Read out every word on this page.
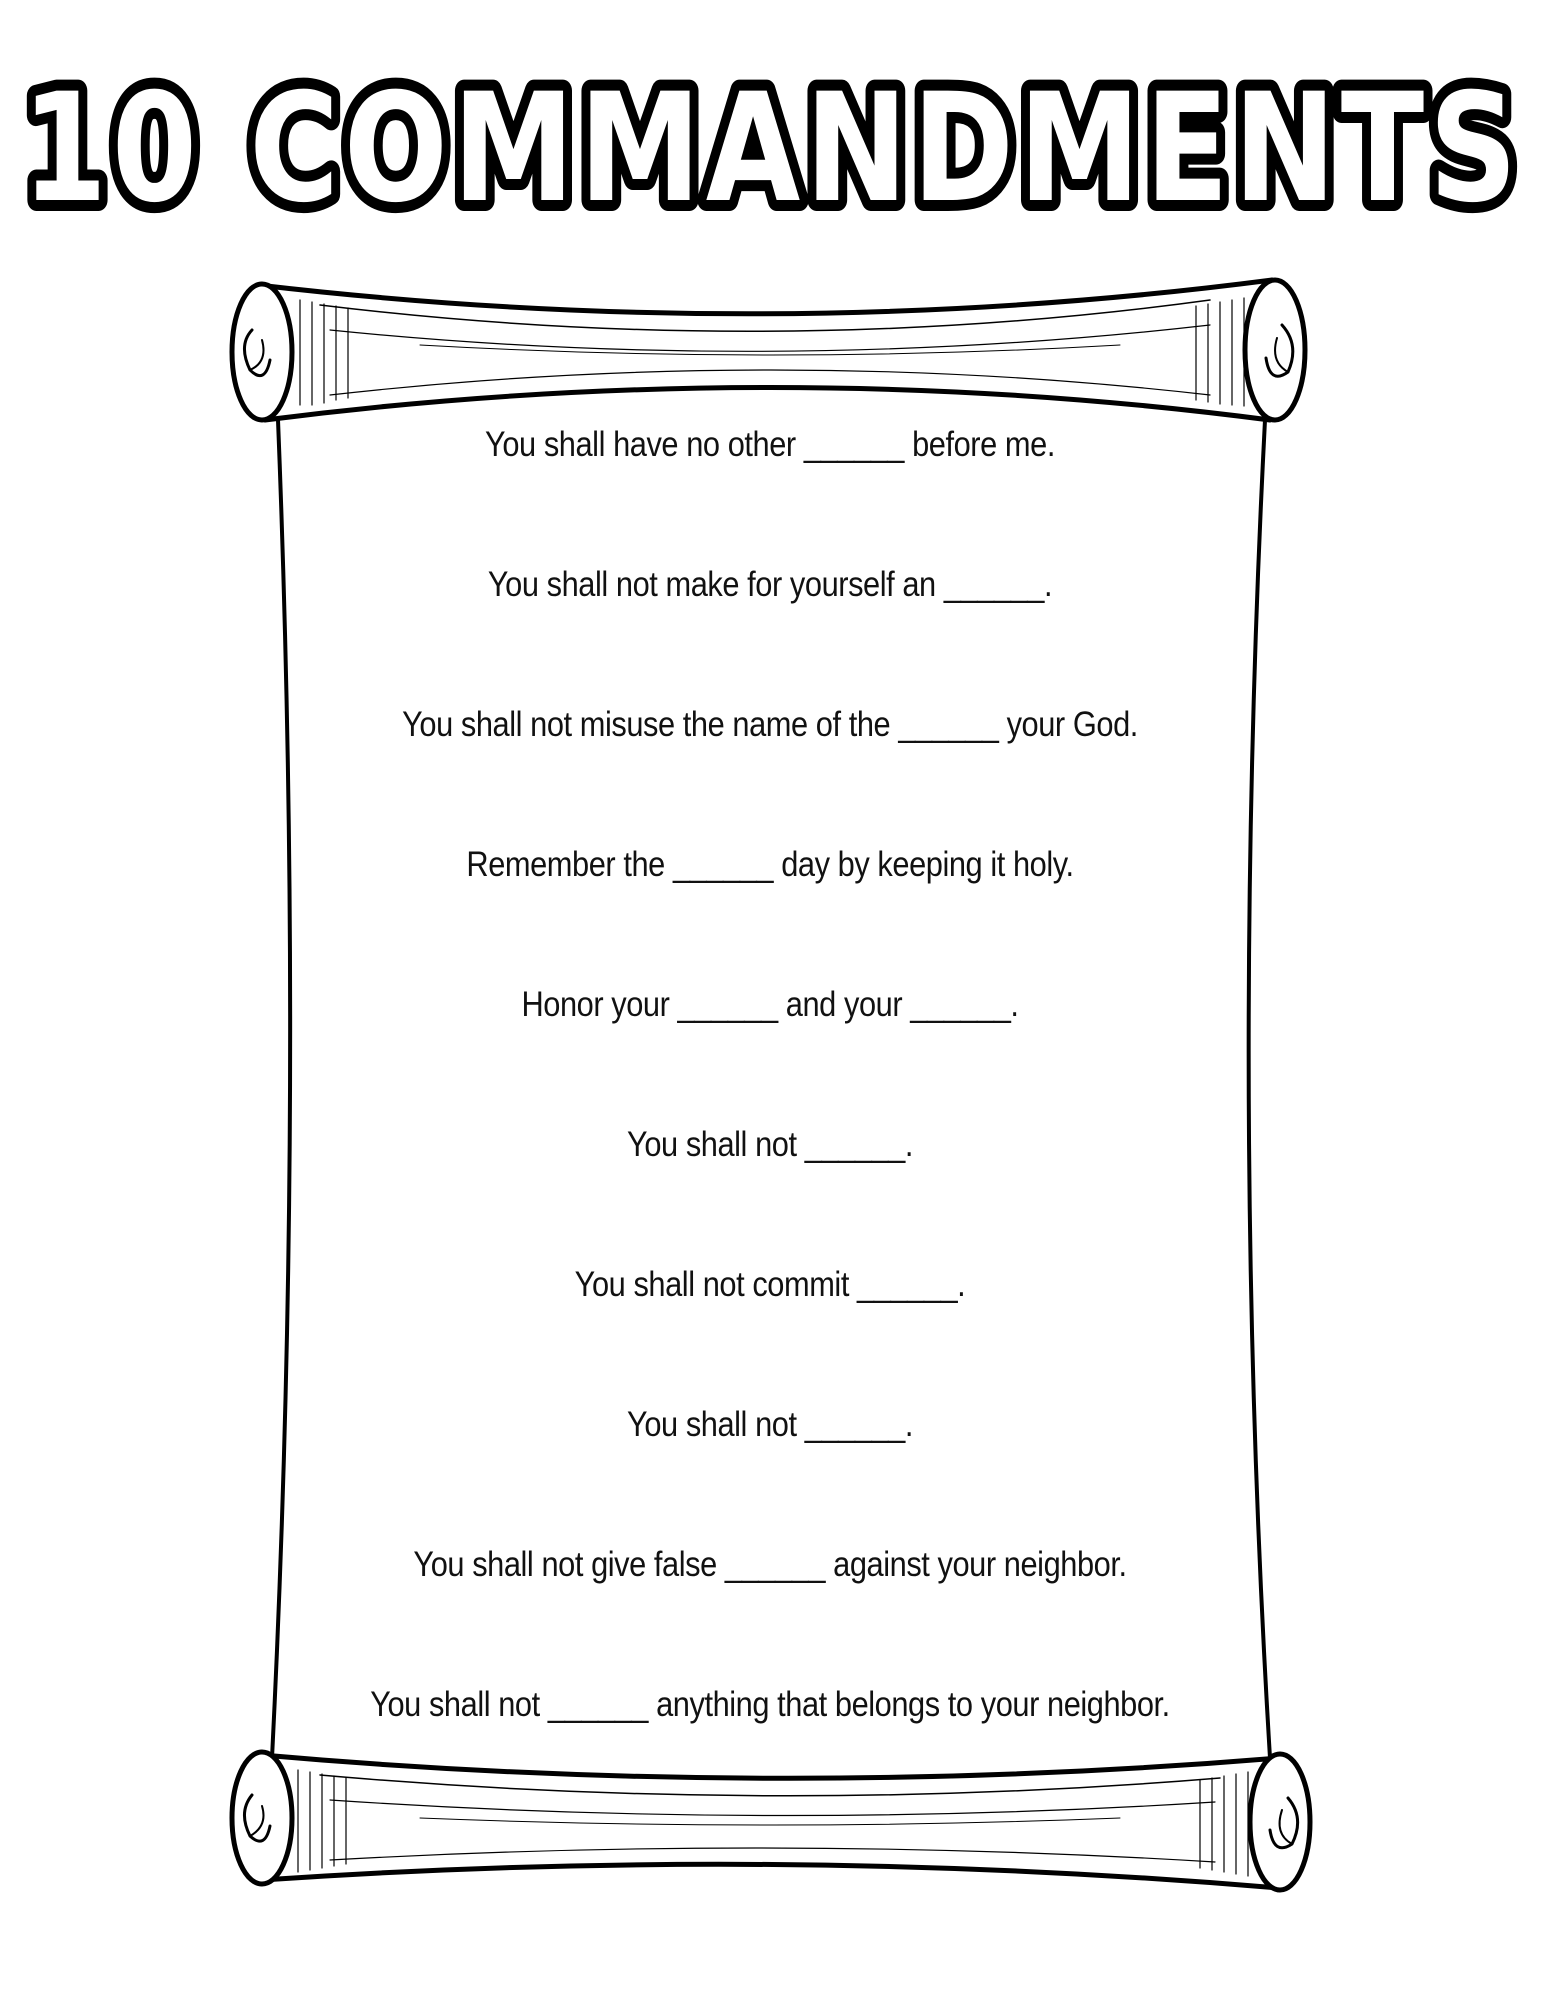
10 COMMANDMENTS
10 COMMANDMENTS
You shall have no other ______ before me.
You shall not make for yourself an ______.
You shall not misuse the name of the ______ your God.
Remember the ______ day by keeping it holy.
Honor your ______ and your ______.
You shall not ______.
You shall not commit ______.
You shall not ______.
You shall not give false ______ against your neighbor.
You shall not ______ anything that belongs to your neighbor.
